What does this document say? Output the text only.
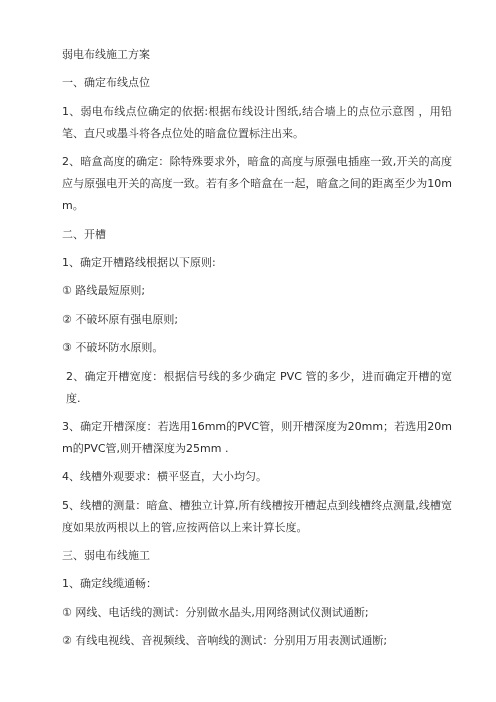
弱电布线施工方案

一、确定布线点位

1、弱电布线点位确定的依据:根据布线设计图纸,结合墙上的点位示意图 ，用铅笔、直尺或墨斗将各点位处的暗盒位置标注出来。

2、暗盒高度的确定：除特殊要求外，暗盒的高度与原强电插座一致,开关的高度应与原强电开关的高度一致。若有多个暗盒在一起，暗盒之间的距离至少为10mm。

二、开槽

1、确定开槽路线根据以下原则:

① 路线最短原则;

② 不破坏原有强电原则;

③ 不破坏防水原则。

2、确定开槽宽度：根据信号线的多少确定 PVC 管的多少，进而确定开槽的宽度.

3、确定开槽深度：若选用16mm的PVC管，则开槽深度为20mm；若选用20mm的PVC管,则开槽深度为25mm .

4、线槽外观要求：横平竖直，大小均匀。

5、线槽的测量：暗盒、槽独立计算,所有线槽按开槽起点到线槽终点测量,线槽宽度如果放两根以上的管,应按两倍以上来计算长度。

三、弱电布线施工

1、确定线缆通畅：

① 网线、电话线的测试：分别做水晶头,用网络测试仪测试通断;

② 有线电视线、音视频线、音响线的测试：分别用万用表测试通断;
